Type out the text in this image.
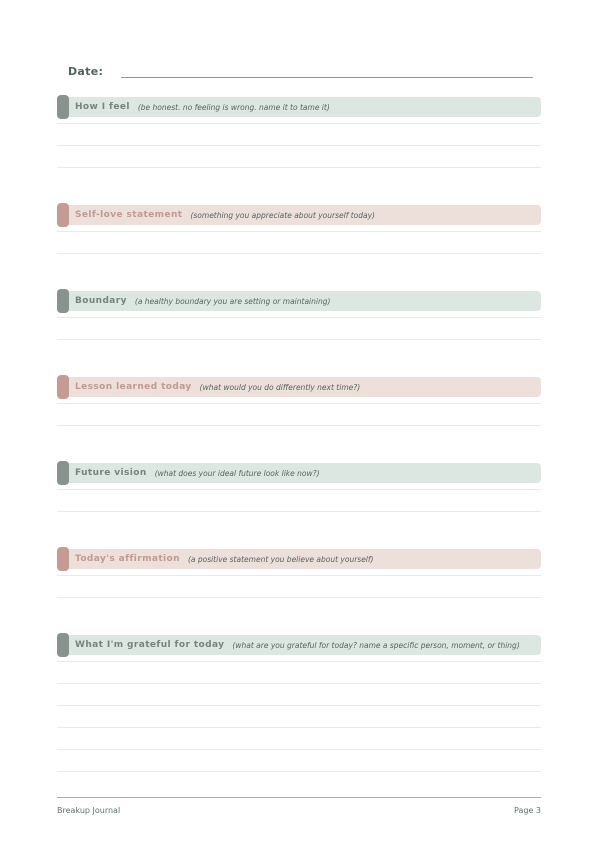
Date:
How I feel (be honest. no feeling is wrong. name it to tame it)
Self-love statement (something you appreciate about yourself today)
Boundary (a healthy boundary you are setting or maintaining)
Lesson learned today (what would you do differently next time?)
Future vision (what does your ideal future look like now?)
Today's affirmation (a positive statement you believe about yourself)
What I'm grateful for today (what are you grateful for today? name a specific person, moment, or thing)
Breakup Journal	Page 3
